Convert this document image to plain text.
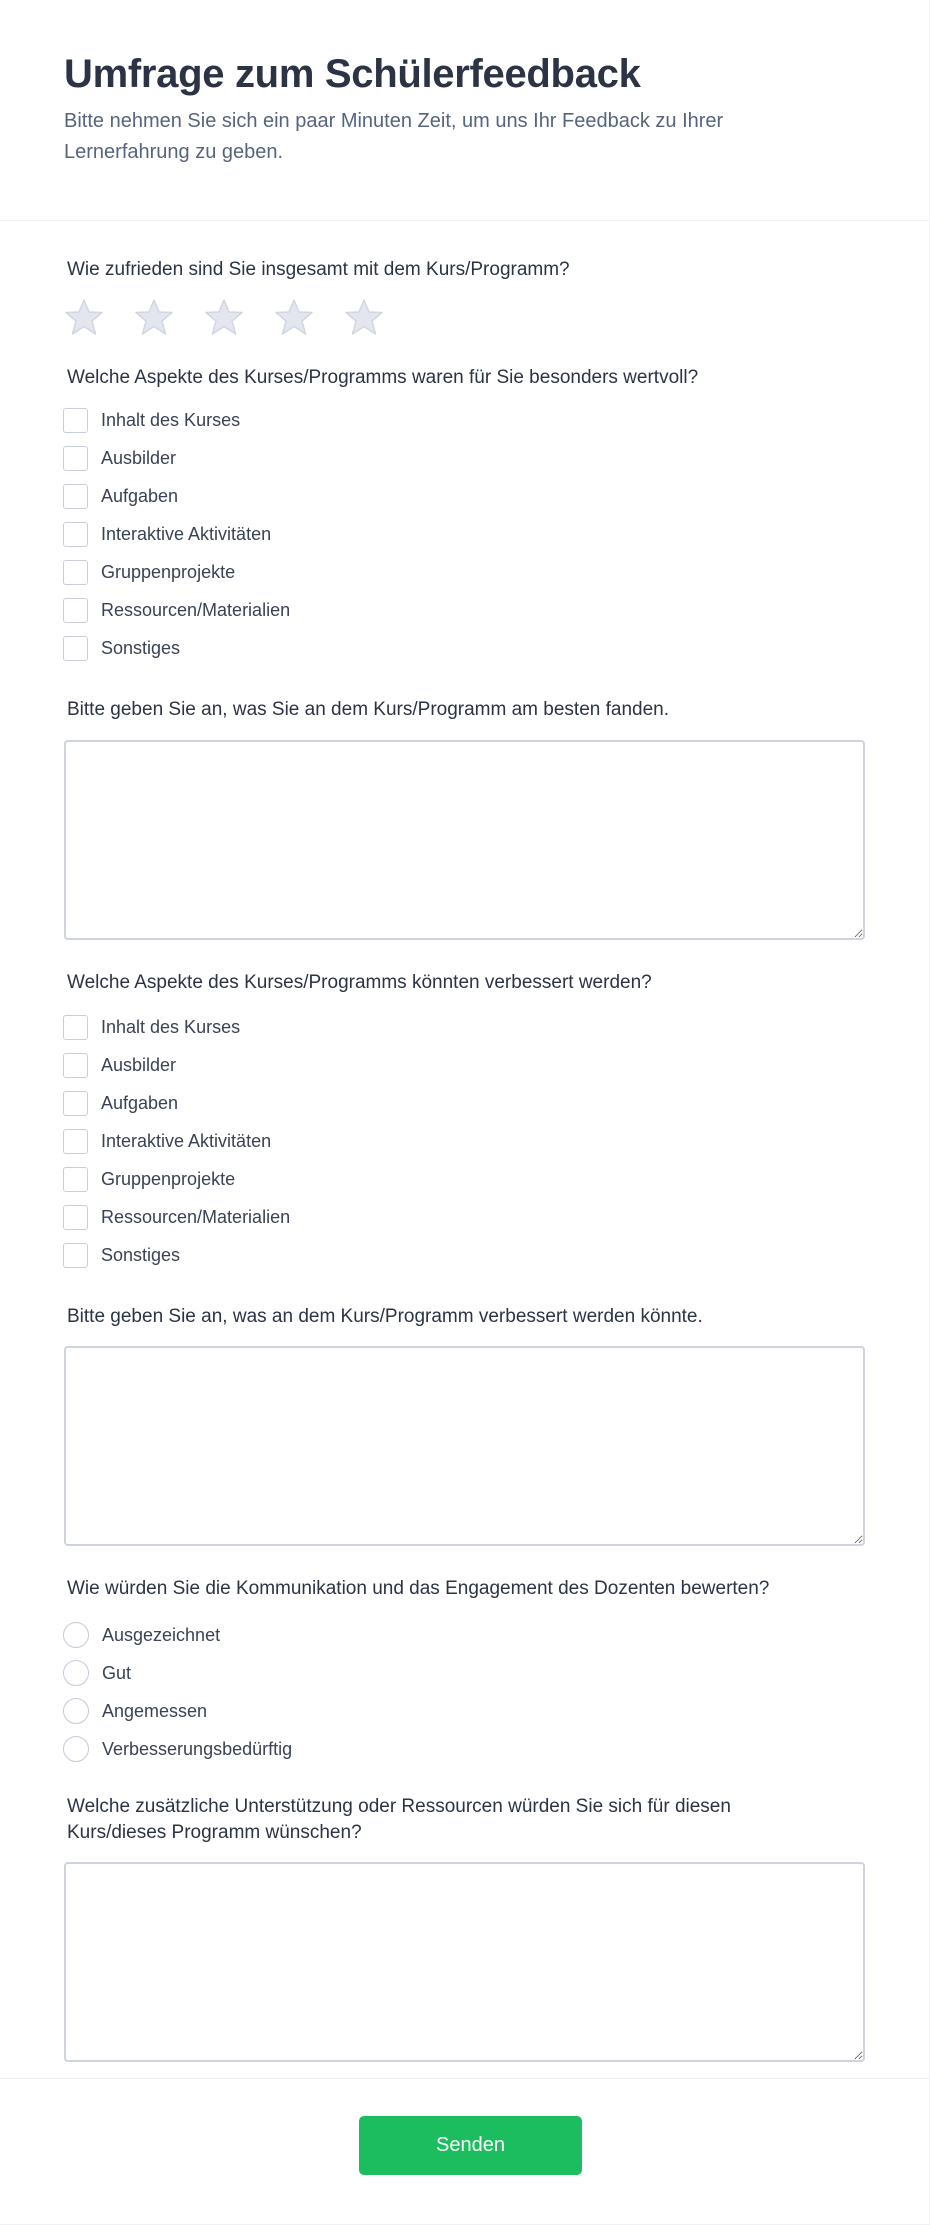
Umfrage zum Schülerfeedback
Bitte nehmen Sie sich ein paar Minuten Zeit, um uns Ihr Feedback zu Ihrer Lernerfahrung zu geben.
Wie zufrieden sind Sie insgesamt mit dem Kurs/Programm?
Welche Aspekte des Kurses/Programms waren für Sie besonders wertvoll?
Inhalt des Kurses
Ausbilder
Aufgaben
Interaktive Aktivitäten
Gruppenprojekte
Ressourcen/Materialien
Sonstiges
Bitte geben Sie an, was Sie an dem Kurs/Programm am besten fanden.
Welche Aspekte des Kurses/Programms könnten verbessert werden?
Inhalt des Kurses
Ausbilder
Aufgaben
Interaktive Aktivitäten
Gruppenprojekte
Ressourcen/Materialien
Sonstiges
Bitte geben Sie an, was an dem Kurs/Programm verbessert werden könnte.
Wie würden Sie die Kommunikation und das Engagement des Dozenten bewerten?
Ausgezeichnet
Gut
Angemessen
Verbesserungsbedürftig
Welche zusätzliche Unterstützung oder Ressourcen würden Sie sich für diesen
Kurs/dieses Programm wünschen?
Senden
